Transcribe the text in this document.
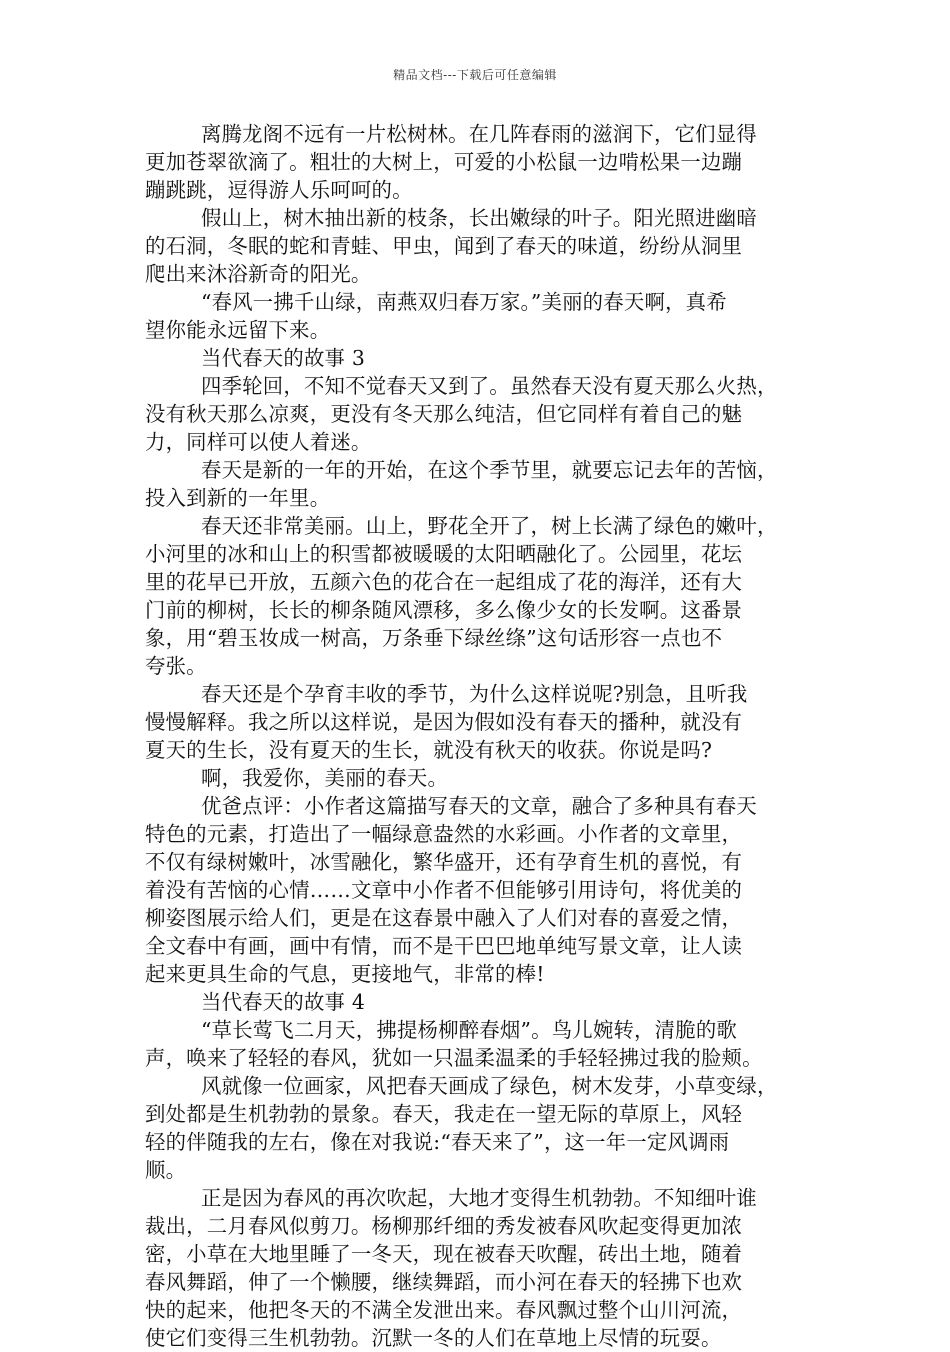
精品文档---下载后可任意编辑
离腾龙阁不远有一片松树林。在几阵春雨的滋润下，它们显得
更加苍翠欲滴了。粗壮的大树上，可爱的小松鼠一边啃松果一边蹦
蹦跳跳，逗得游人乐呵呵的。
假山上，树木抽出新的枝条，长出嫩绿的叶子。阳光照进幽暗
的石洞，冬眠的蛇和青蛙、甲虫，闻到了春天的味道，纷纷从洞里
爬出来沐浴新奇的阳光。
“春风一拂千山绿，南燕双归春万家。”美丽的春天啊，真希
望你能永远留下来。
当代春天的故事 3
四季轮回，不知不觉春天又到了。虽然春天没有夏天那么火热，
没有秋天那么凉爽，更没有冬天那么纯洁，但它同样有着自己的魅
力，同样可以使人着迷。
春天是新的一年的开始，在这个季节里，就要忘记去年的苦恼，
投入到新的一年里。
春天还非常美丽。山上，野花全开了，树上长满了绿色的嫩叶，
小河里的冰和山上的积雪都被暖暖的太阳晒融化了。公园里，花坛
里的花早已开放，五颜六色的花合在一起组成了花的海洋，还有大
门前的柳树，长长的柳条随风漂移，多么像少女的长发啊。这番景
象，用“碧玉妆成一树高，万条垂下绿丝绦”这句话形容一点也不
夸张。
春天还是个孕育丰收的季节，为什么这样说呢?别急，且听我
慢慢解释。我之所以这样说，是因为假如没有春天的播种，就没有
夏天的生长，没有夏天的生长，就没有秋天的收获。你说是吗?
啊，我爱你，美丽的春天。
优爸点评：小作者这篇描写春天的文章，融合了多种具有春天
特色的元素，打造出了一幅绿意盎然的水彩画。小作者的文章里，
不仅有绿树嫩叶，冰雪融化，繁华盛开，还有孕育生机的喜悦，有
着没有苦恼的心情……文章中小作者不但能够引用诗句，将优美的
柳姿图展示给人们，更是在这春景中融入了人们对春的喜爱之情，
全文春中有画，画中有情，而不是干巴巴地单纯写景文章，让人读
起来更具生命的气息，更接地气，非常的棒!
当代春天的故事 4
“草长莺飞二月天，拂提杨柳醉春烟”。鸟儿婉转，清脆的歌
声，唤来了轻轻的春风，犹如一只温柔温柔的手轻轻拂过我的脸颊。
风就像一位画家，风把春天画成了绿色，树木发芽，小草变绿，
到处都是生机勃勃的景象。春天，我走在一望无际的草原上，风轻
轻的伴随我的左右，像在对我说:“春天来了”，这一年一定风调雨
顺。
正是因为春风的再次吹起，大地才变得生机勃勃。不知细叶谁
裁出，二月春风似剪刀。杨柳那纤细的秀发被春风吹起变得更加浓
密，小草在大地里睡了一冬天，现在被春天吹醒，砖出土地，随着
春风舞蹈，伸了一个懒腰，继续舞蹈，而小河在春天的轻拂下也欢
快的起来，他把冬天的不满全发泄出来。春风飘过整个山川河流，
使它们变得三生机勃勃。沉默一冬的人们在草地上尽情的玩耍。
